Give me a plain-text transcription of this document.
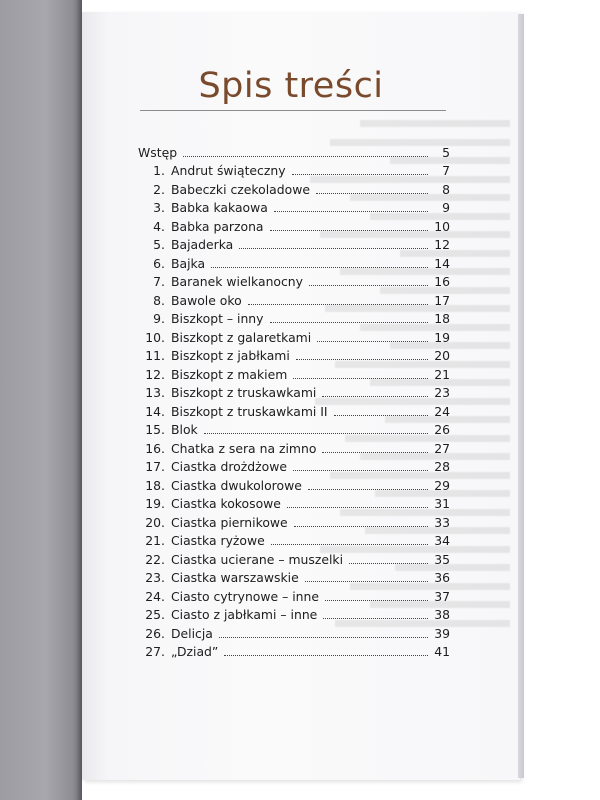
Spis treści
Wstęp	5
1. Andrut świąteczny	7
2. Babeczki czekoladowe	8
3. Babka kakaowa	9
4. Babka parzona	10
5. Bajaderka	12
6. Bajka	14
7. Baranek wielkanocny	16
8. Bawole oko	17
9. Biszkopt – inny	18
10. Biszkopt z galaretkami	19
11. Biszkopt z jabłkami	20
12. Biszkopt z makiem	21
13. Biszkopt z truskawkami	23
14. Biszkopt z truskawkami II	24
15. Blok	26
16. Chatka z sera na zimno	27
17. Ciastka drożdżowe	28
18. Ciastka dwukolorowe	29
19. Ciastka kokosowe	31
20. Ciastka piernikowe	33
21. Ciastka ryżowe	34
22. Ciastka ucierane – muszelki	35
23. Ciastka warszawskie	36
24. Ciasto cytrynowe – inne	37
25. Ciasto z jabłkami – inne	38
26. Delicja	39
27. „Dziad”	41
